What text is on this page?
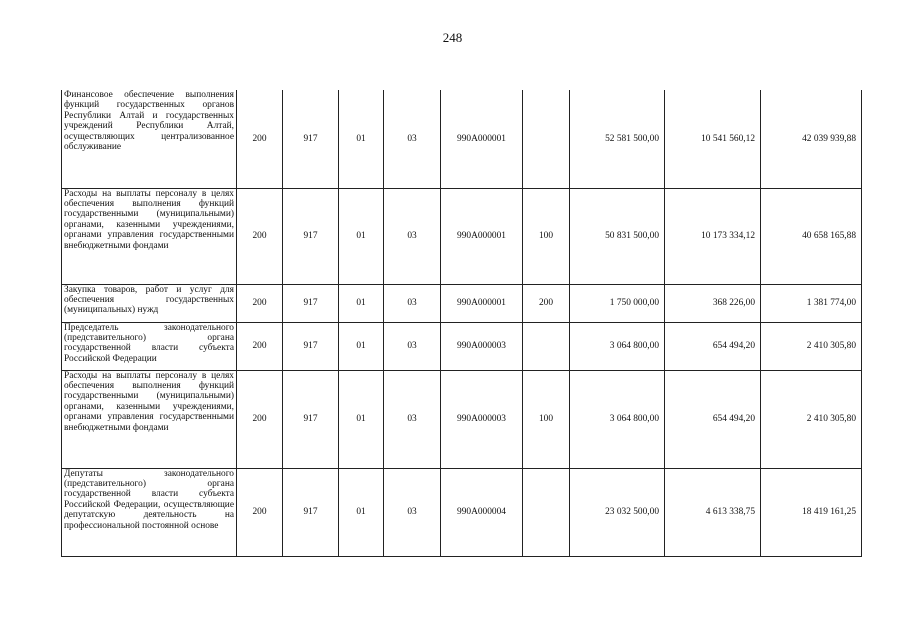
248
Финансовое обеспечение выполнения функций государственных органов Республики Алтай и государственных учреждений Республики Алтай, осуществляющих централизованное обслуживание	200	917	01	03	990А000001		52 581 500,00	10 541 560,12	42 039 939,88
Расходы на выплаты персоналу в целях обеспечения выполнения функций государственными (муниципальными) органами, казенными учреждениями, органами управления государственными внебюджетными фондами	200	917	01	03	990А000001	100	50 831 500,00	10 173 334,12	40 658 165,88
Закупка товаров, работ и услуг для обеспечения государственных (муниципальных) нужд	200	917	01	03	990А000001	200	1 750 000,00	368 226,00	1 381 774,00
Председатель законодательного (представительного) органа государственной власти субъекта Российской Федерации	200	917	01	03	990А000003		3 064 800,00	654 494,20	2 410 305,80
Расходы на выплаты персоналу в целях обеспечения выполнения функций государственными (муниципальными) органами, казенными учреждениями, органами управления государственными внебюджетными фондами	200	917	01	03	990А000003	100	3 064 800,00	654 494,20	2 410 305,80
Депутаты законодательного (представительного) органа государственной власти субъекта Российской Федерации, осуществляющие депутатскую деятельность на профессиональной постоянной основе	200	917	01	03	990А000004		23 032 500,00	4 613 338,75	18 419 161,25
